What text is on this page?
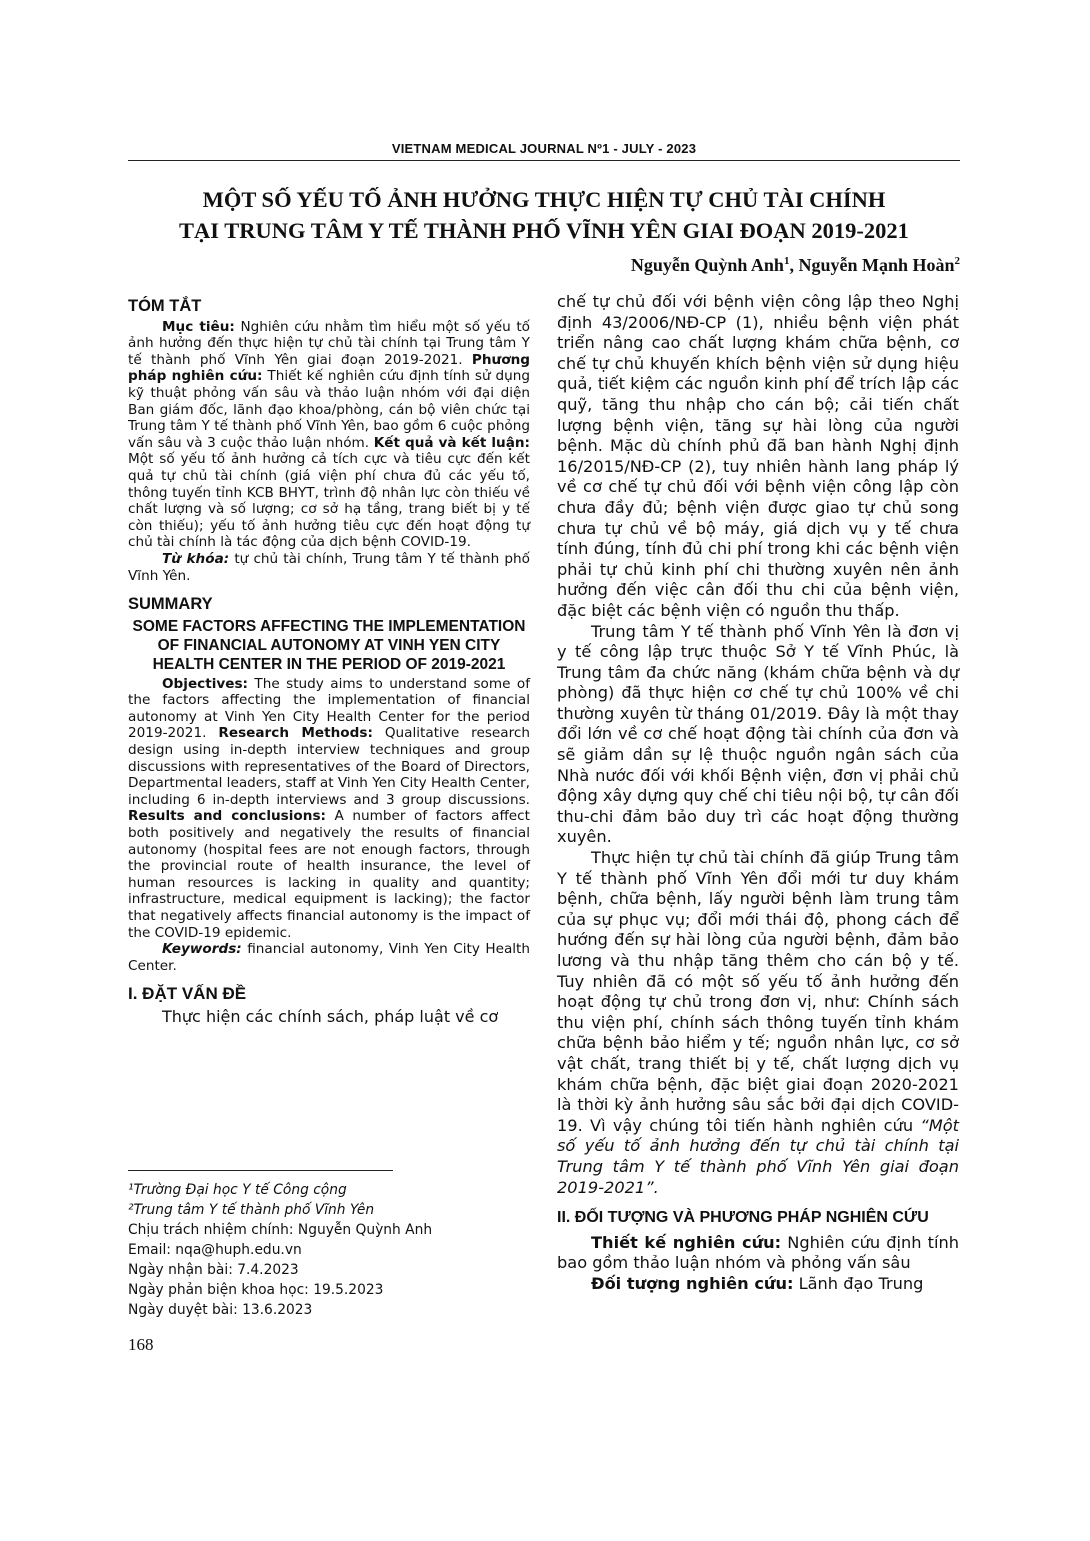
VIETNAM MEDICAL JOURNAL Nº1 - JULY - 2023
MỘT SỐ YẾU TỐ ẢNH HƯỞNG THỰC HIỆN TỰ CHỦ TÀI CHÍNH
TẠI TRUNG TÂM Y TẾ THÀNH PHỐ VĨNH YÊN GIAI ĐOẠN 2019-2021
Nguyễn Quỳnh Anh$^1$, Nguyễn Mạnh Hoàn$^2$
TÓM TẮT

Mục tiêu: Nghiên cứu nhằm tìm hiểu một số yếu tố ảnh hưởng đến thực hiện tự chủ tài chính tại Trung tâm Y tế thành phố Vĩnh Yên giai đoạn 2019-2021. Phương pháp nghiên cứu: Thiết kế nghiên cứu định tính sử dụng kỹ thuật phỏng vấn sâu và thảo luận nhóm với đại diện Ban giám đốc, lãnh đạo khoa/phòng, cán bộ viên chức tại Trung tâm Y tế thành phố Vĩnh Yên, bao gồm 6 cuộc phỏng vấn sâu và 3 cuộc thảo luận nhóm. Kết quả và kết luận: Một số yếu tố ảnh hưởng cả tích cực và tiêu cực đến kết quả tự chủ tài chính (giá viện phí chưa đủ các yếu tố, thông tuyến tỉnh KCB BHYT, trình độ nhân lực còn thiếu về chất lượng và số lượng; cơ sở hạ tầng, trang biết bị y tế còn thiếu); yếu tố ảnh hưởng tiêu cực đến hoạt động tự chủ tài chính là tác động của dịch bệnh COVID-19.

Từ khóa: tự chủ tài chính, Trung tâm Y tế thành phố Vĩnh Yên.

SUMMARY

SOME FACTORS AFFECTING THE IMPLEMENTATION OF FINANCIAL AUTONOMY AT VINH YEN CITY HEALTH CENTER IN THE PERIOD OF 2019-2021

Objectives: The study aims to understand some of the factors affecting the implementation of financial autonomy at Vinh Yen City Health Center for the period 2019-2021. Research Methods: Qualitative research design using in-depth interview techniques and group discussions with representatives of the Board of Directors, Departmental leaders, staff at Vinh Yen City Health Center, including 6 in-depth interviews and 3 group discussions. Results and conclusions: A number of factors affect both positively and negatively the results of financial autonomy (hospital fees are not enough factors, through the provincial route of health insurance, the level of human resources is lacking in quality and quantity; infrastructure, medical equipment is lacking); the factor that negatively affects financial autonomy is the impact of the COVID-19 epidemic.

Keywords: financial autonomy, Vinh Yen City Health Center.

I. ĐẶT VẤN ĐỀ

Thực hiện các chính sách, pháp luật về cơ

¹Trường Đại học Y tế Công cộng
²Trung tâm Y tế thành phố Vĩnh Yên
Chịu trách nhiệm chính: Nguyễn Quỳnh Anh
Email: nqa@huph.edu.vn
Ngày nhận bài: 7.4.2023
Ngày phản biện khoa học: 19.5.2023
Ngày duyệt bài: 13.6.2023
168

chế tự chủ đối với bệnh viện công lập theo Nghị định 43/2006/NĐ-CP (1), nhiều bệnh viện phát triển nâng cao chất lượng khám chữa bệnh, cơ chế tự chủ khuyến khích bệnh viện sử dụng hiệu quả, tiết kiệm các nguồn kinh phí để trích lập các quỹ, tăng thu nhập cho cán bộ; cải tiến chất lượng bệnh viện, tăng sự hài lòng của người bệnh. Mặc dù chính phủ đã ban hành Nghị định 16/2015/NĐ-CP (2), tuy nhiên hành lang pháp lý về cơ chế tự chủ đối với bệnh viện công lập còn chưa đầy đủ; bệnh viện được giao tự chủ song chưa tự chủ về bộ máy, giá dịch vụ y tế chưa tính đúng, tính đủ chi phí trong khi các bệnh viện phải tự chủ kinh phí chi thường xuyên nên ảnh hưởng đến việc cân đối thu chi của bệnh viện, đặc biệt các bệnh viện có nguồn thu thấp.

Trung tâm Y tế thành phố Vĩnh Yên là đơn vị y tế công lập trực thuộc Sở Y tế Vĩnh Phúc, là Trung tâm đa chức năng (khám chữa bệnh và dự phòng) đã thực hiện cơ chế tự chủ 100% về chi thường xuyên từ tháng 01/2019. Đây là một thay đổi lớn về cơ chế hoạt động tài chính của đơn và sẽ giảm dần sự lệ thuộc nguồn ngân sách của Nhà nước đối với khối Bệnh viện, đơn vị phải chủ động xây dựng quy chế chi tiêu nội bộ, tự cân đối thu-chi đảm bảo duy trì các hoạt động thường xuyên.

Thực hiện tự chủ tài chính đã giúp Trung tâm Y tế thành phố Vĩnh Yên đổi mới tư duy khám bệnh, chữa bệnh, lấy người bệnh làm trung tâm của sự phục vụ; đổi mới thái độ, phong cách để hướng đến sự hài lòng của người bệnh, đảm bảo lương và thu nhập tăng thêm cho cán bộ y tế. Tuy nhiên đã có một số yếu tố ảnh hưởng đến hoạt động tự chủ trong đơn vị, như: Chính sách thu viện phí, chính sách thông tuyến tỉnh khám chữa bệnh bảo hiểm y tế; nguồn nhân lực, cơ sở vật chất, trang thiết bị y tế, chất lượng dịch vụ khám chữa bệnh, đặc biệt giai đoạn 2020-2021 là thời kỳ ảnh hưởng sâu sắc bởi đại dịch COVID-19. Vì vậy chúng tôi tiến hành nghiên cứu “Một số yếu tố ảnh hưởng đến tự chủ tài chính tại Trung tâm Y tế thành phố Vĩnh Yên giai đoạn 2019-2021”.

II. ĐỐI TƯỢNG VÀ PHƯƠNG PHÁP NGHIÊN CỨU

Thiết kế nghiên cứu: Nghiên cứu định tính bao gồm thảo luận nhóm và phỏng vấn sâu

Đối tượng nghiên cứu: Lãnh đạo Trung
